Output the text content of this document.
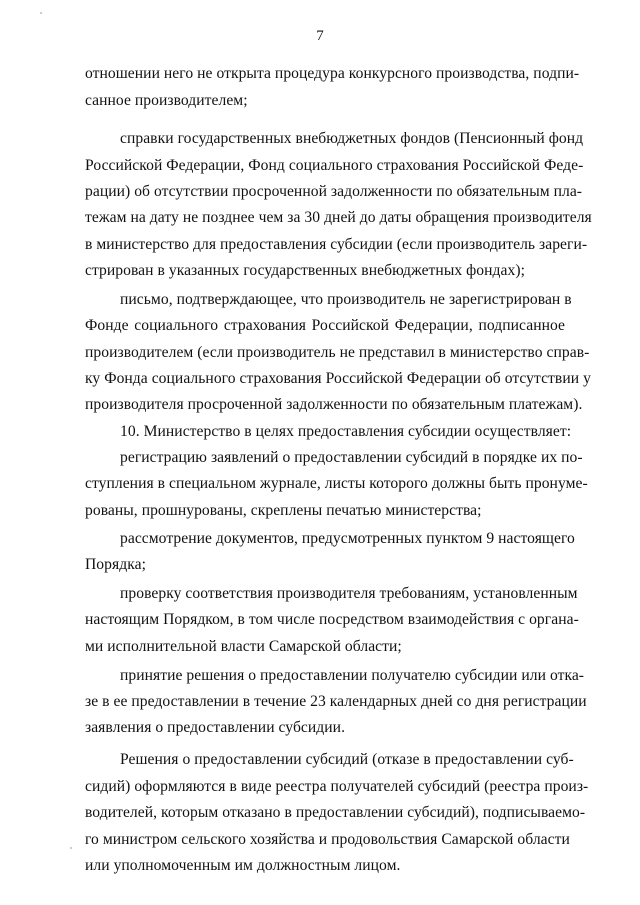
7
отношении него не открыта процедура конкурсного производства, подпи-
санное производителем;
справки государственных внебюджетных фондов (Пенсионный фонд
Российской Федерации, Фонд социального страхования Российской Феде-
рации) об отсутствии просроченной задолженности по обязательным пла-
тежам на дату не позднее чем за 30 дней до даты обращения производителя
в министерство для предоставления субсидии (если производитель зареги-
стрирован в указанных государственных внебюджетных фондах);
письмо, подтверждающее, что производитель не зарегистрирован в
Фонде социального страхования Российской Федерации, подписанное
производителем (если производитель не представил в министерство справ-
ку Фонда социального страхования Российской Федерации об отсутствии у
производителя просроченной задолженности по обязательным платежам).
10. Министерство в целях предоставления субсидии осуществляет:
регистрацию заявлений о предоставлении субсидий в порядке их по-
ступления в специальном журнале, листы которого должны быть пронуме-
рованы, прошнурованы, скреплены печатью министерства;
рассмотрение документов, предусмотренных пунктом 9 настоящего
Порядка;
проверку соответствия производителя требованиям, установленным
настоящим Порядком, в том числе посредством взаимодействия с органа-
ми исполнительной власти Самарской области;
принятие решения о предоставлении получателю субсидии или отка-
зе в ее предоставлении в течение 23 календарных дней со дня регистрации
заявления о предоставлении субсидии.
Решения о предоставлении субсидий (отказе в предоставлении суб-
сидий) оформляются в виде реестра получателей субсидий (реестра произ-
водителей, которым отказано в предоставлении субсидий), подписываемо-
го министром сельского хозяйства и продовольствия Самарской области
или уполномоченным им должностным лицом.
